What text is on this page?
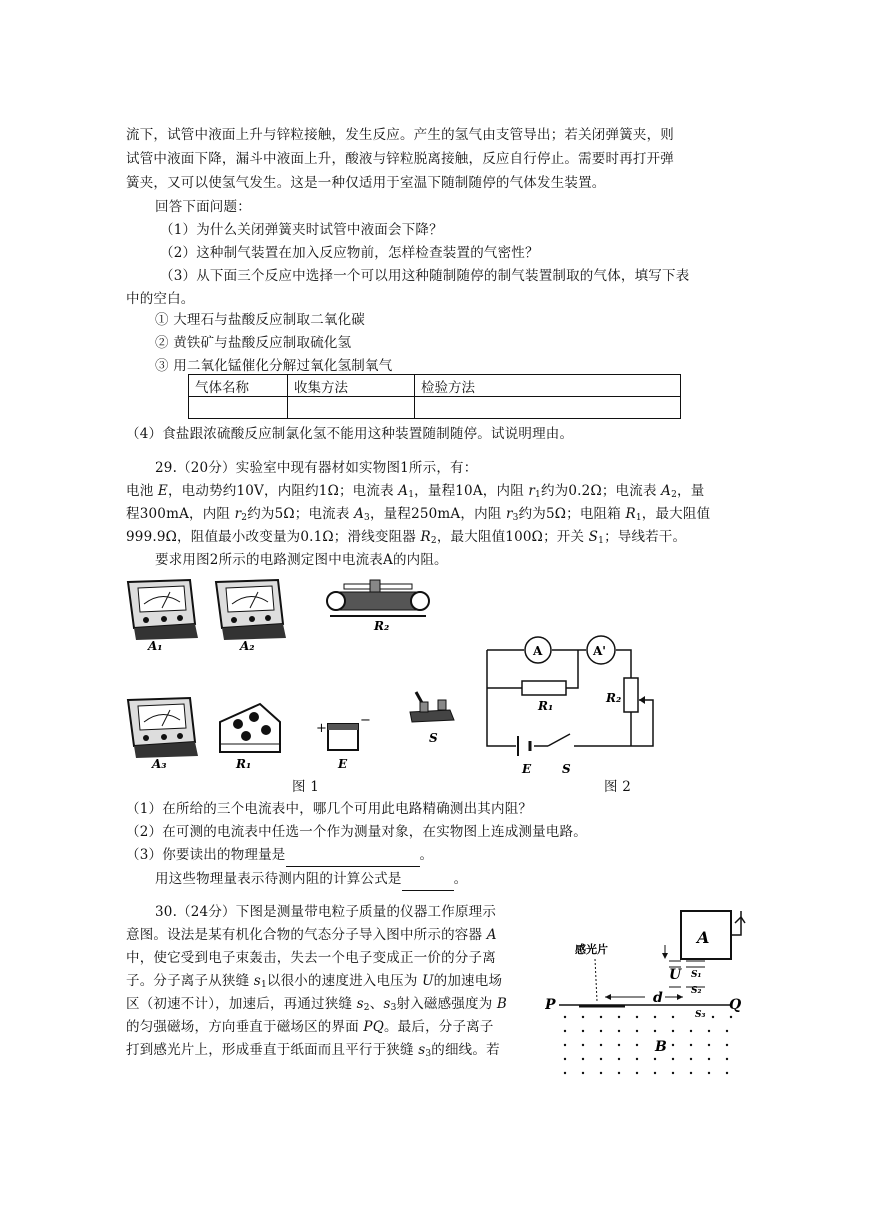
流下，试管中液面上升与锌粒接触，发生反应。产生的氢气由支管导出；若关闭弹簧夹，则
试管中液面下降，漏斗中液面上升，酸液与锌粒脱离接触，反应自行停止。需要时再打开弹
簧夹，又可以使氢气发生。这是一种仅适用于室温下随制随停的气体发生装置。
回答下面问题：
（1）为什么关闭弹簧夹时试管中液面会下降？
（2）这种制气装置在加入反应物前，怎样检查装置的气密性？
（3）从下面三个反应中选择一个可以用这种随制随停的制气装置制取的气体，填写下表
中的空白。
① 大理石与盐酸反应制取二氧化碳
② 黄铁矿与盐酸反应制取硫化氢
③ 用二氧化锰催化分解过氧化氢制氧气
气体名称	收集方法	检验方法

（4）食盐跟浓硫酸反应制氯化氢不能用这种装置随制随停。试说明理由。
29.（20分）实验室中现有器材如实物图1所示，有：
电池 E，电动势约10V，内阻约1Ω；电流表 $A_1$，量程10A，内阻 $r_1$约为0.2Ω；电流表 $A_2$，量
程300mA，内阻 $r_2$约为5Ω；电流表 $A_3$，量程250mA，内阻 $r_3$约为5Ω；电阻箱 $R_1$，最大阻值
999.9Ω，阻值最小改变量为0.1Ω；滑线变阻器 $R_2$，最大阻值100Ω；开关 $S_1$；导线若干。
要求用图2所示的电路测定图中电流表A的内阻。
A₁	A₂
R₂
A₃	R₁
+
−
E
S
A	A'
R₁
R₂
E	S
图 1	图 2
（1）在所给的三个电流表中，哪几个可用此电路精确测出其内阻？
（2）在可测的电流表中任选一个作为测量对象，在实物图上连成测量电路。
（3）你要读出的物理量是	。
用这些物理量表示待测内阻的计算公式是	。
30.（24分）下图是测量带电粒子质量的仪器工作原理示
意图。设法是某有机化合物的气态分子导入图中所示的容器 A
中，使它受到电子束轰击，失去一个电子变成正一价的分子离
子。分子离子从狭缝 $s_1$以很小的速度进入电压为 U的加速电场
区（初速不计），加速后，再通过狭缝 $s_2$、$s_3$射入磁感强度为 B
的匀强磁场，方向垂直于磁场区的界面 PQ。最后，分子离子
打到感光片上，形成垂直于纸面而且平行于狭缝 $s_3$的细线。若
A
S₁
U
S₂
感光片
d
P	Q
S₃
B
